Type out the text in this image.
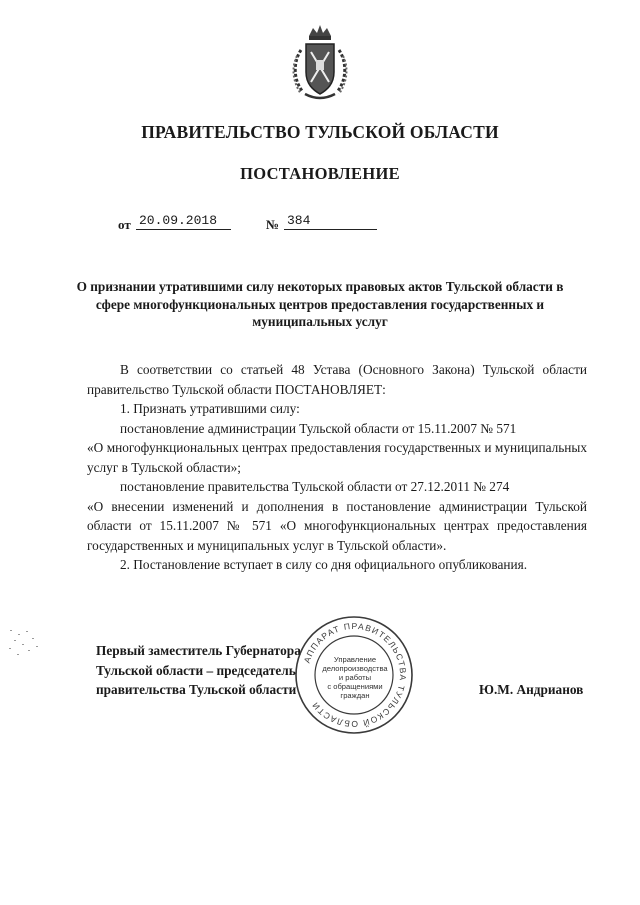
ПРАВИТЕЛЬСТВО ТУЛЬСКОЙ ОБЛАСТИ
ПОСТАНОВЛЕНИЕ
от 20.09.2018	№ 384
О признании утратившими силу некоторых правовых актов Тульской области в сфере многофункциональных центров предоставления государственных и муниципальных услуг

В соответствии со статьей 48 Устава (Основного Закона) Тульской области правительство Тульской области ПОСТАНОВЛЯЕТ:

1. Признать утратившими силу:

постановление администрации Тульской области от 15.11.2007 № 571

«О многофункциональных центрах предоставления государственных и муниципальных услуг в Тульской области»;

постановление правительства Тульской области от 27.12.2011 № 274

«О внесении изменений и дополнения в постановление администрации Тульской области от 15.11.2007 № 571 «О многофункциональных центрах предоставления государственных и муниципальных услуг в Тульской области».

2. Постановление вступает в силу со дня официального опубликования.

Первый заместитель Губернатора
Тульской области – председатель
правительства Тульской области
АППАРАТ ПРАВИТЕЛЬСТВА ТУЛЬСКОЙ ОБЛАСТИ
Управление
делопроизводства
и работы
с обращениями
граждан	Ю.М. Андрианов
